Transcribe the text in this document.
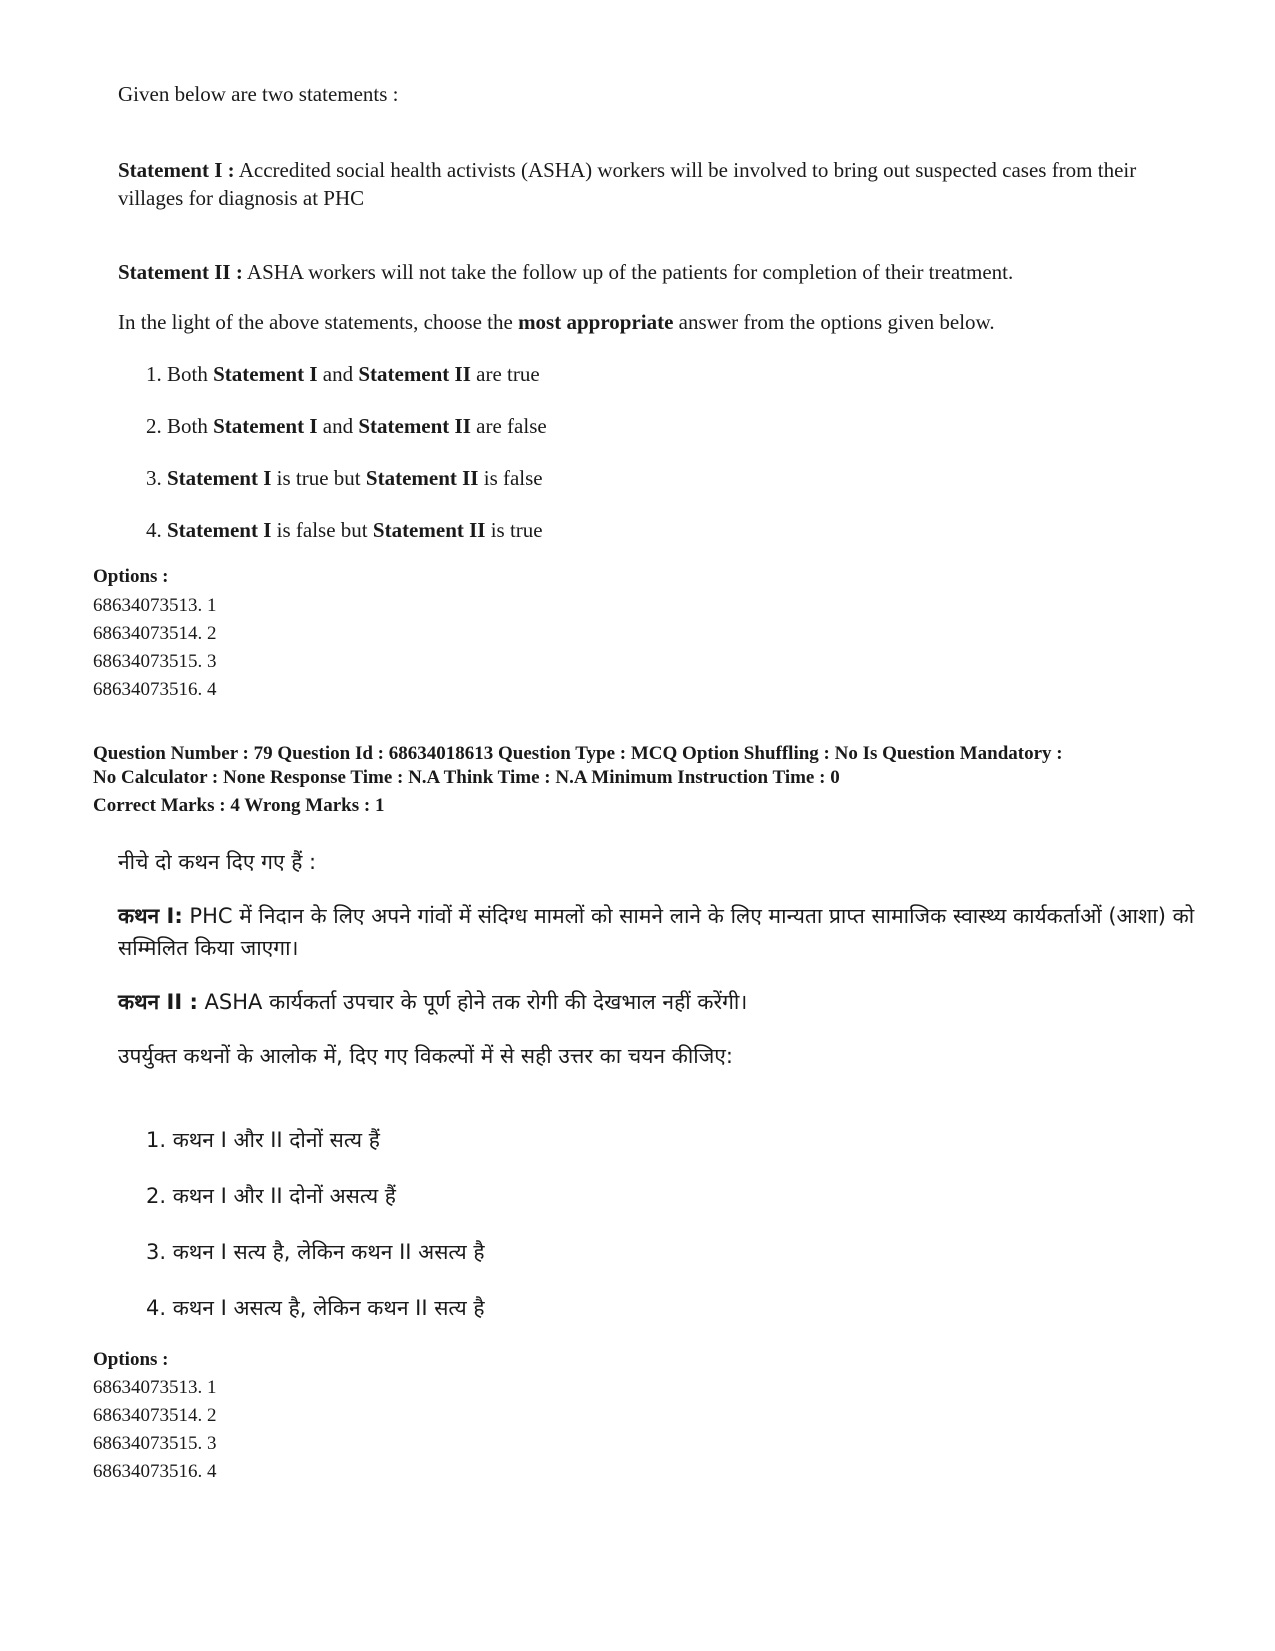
Given below are two statements :
Statement I : Accredited social health activists (ASHA) workers will be involved to bring out suspected cases from their villages for diagnosis at PHC
Statement II : ASHA workers will not take the follow up of the patients for completion of their treatment.
In the light of the above statements, choose the most appropriate answer from the options given below.
1. Both Statement I and Statement II are true
2. Both Statement I and Statement II are false
3. Statement I is true but Statement II is false
4. Statement I is false but Statement II is true
Options :
68634073513. 1
68634073514. 2
68634073515. 3
68634073516. 4
Question Number : 79 Question Id : 68634018613 Question Type : MCQ Option Shuffling : No Is Question Mandatory :
No Calculator : None Response Time : N.A Think Time : N.A Minimum Instruction Time : 0
Correct Marks : 4 Wrong Marks : 1
नीचे दो कथन दिए गए हैं :
कथन I: PHC में निदान के लिए अपने गांवों में संदिग्ध मामलों को सामने लाने के लिए मान्यता प्राप्त सामाजिक स्वास्थ्य कार्यकर्ताओं (आशा) को सम्मिलित किया जाएगा।
कथन II : ASHA कार्यकर्ता उपचार के पूर्ण होने तक रोगी की देखभाल नहीं करेंगी।
उपर्युक्त कथनों के आलोक में, दिए गए विकल्पों में से सही उत्तर का चयन कीजिए:
1. कथन I और II दोनों सत्य हैं
2. कथन I और II दोनों असत्य हैं
3. कथन I सत्य है, लेकिन कथन II असत्य है
4. कथन I असत्य है, लेकिन कथन II सत्य है
Options :
68634073513. 1
68634073514. 2
68634073515. 3
68634073516. 4
